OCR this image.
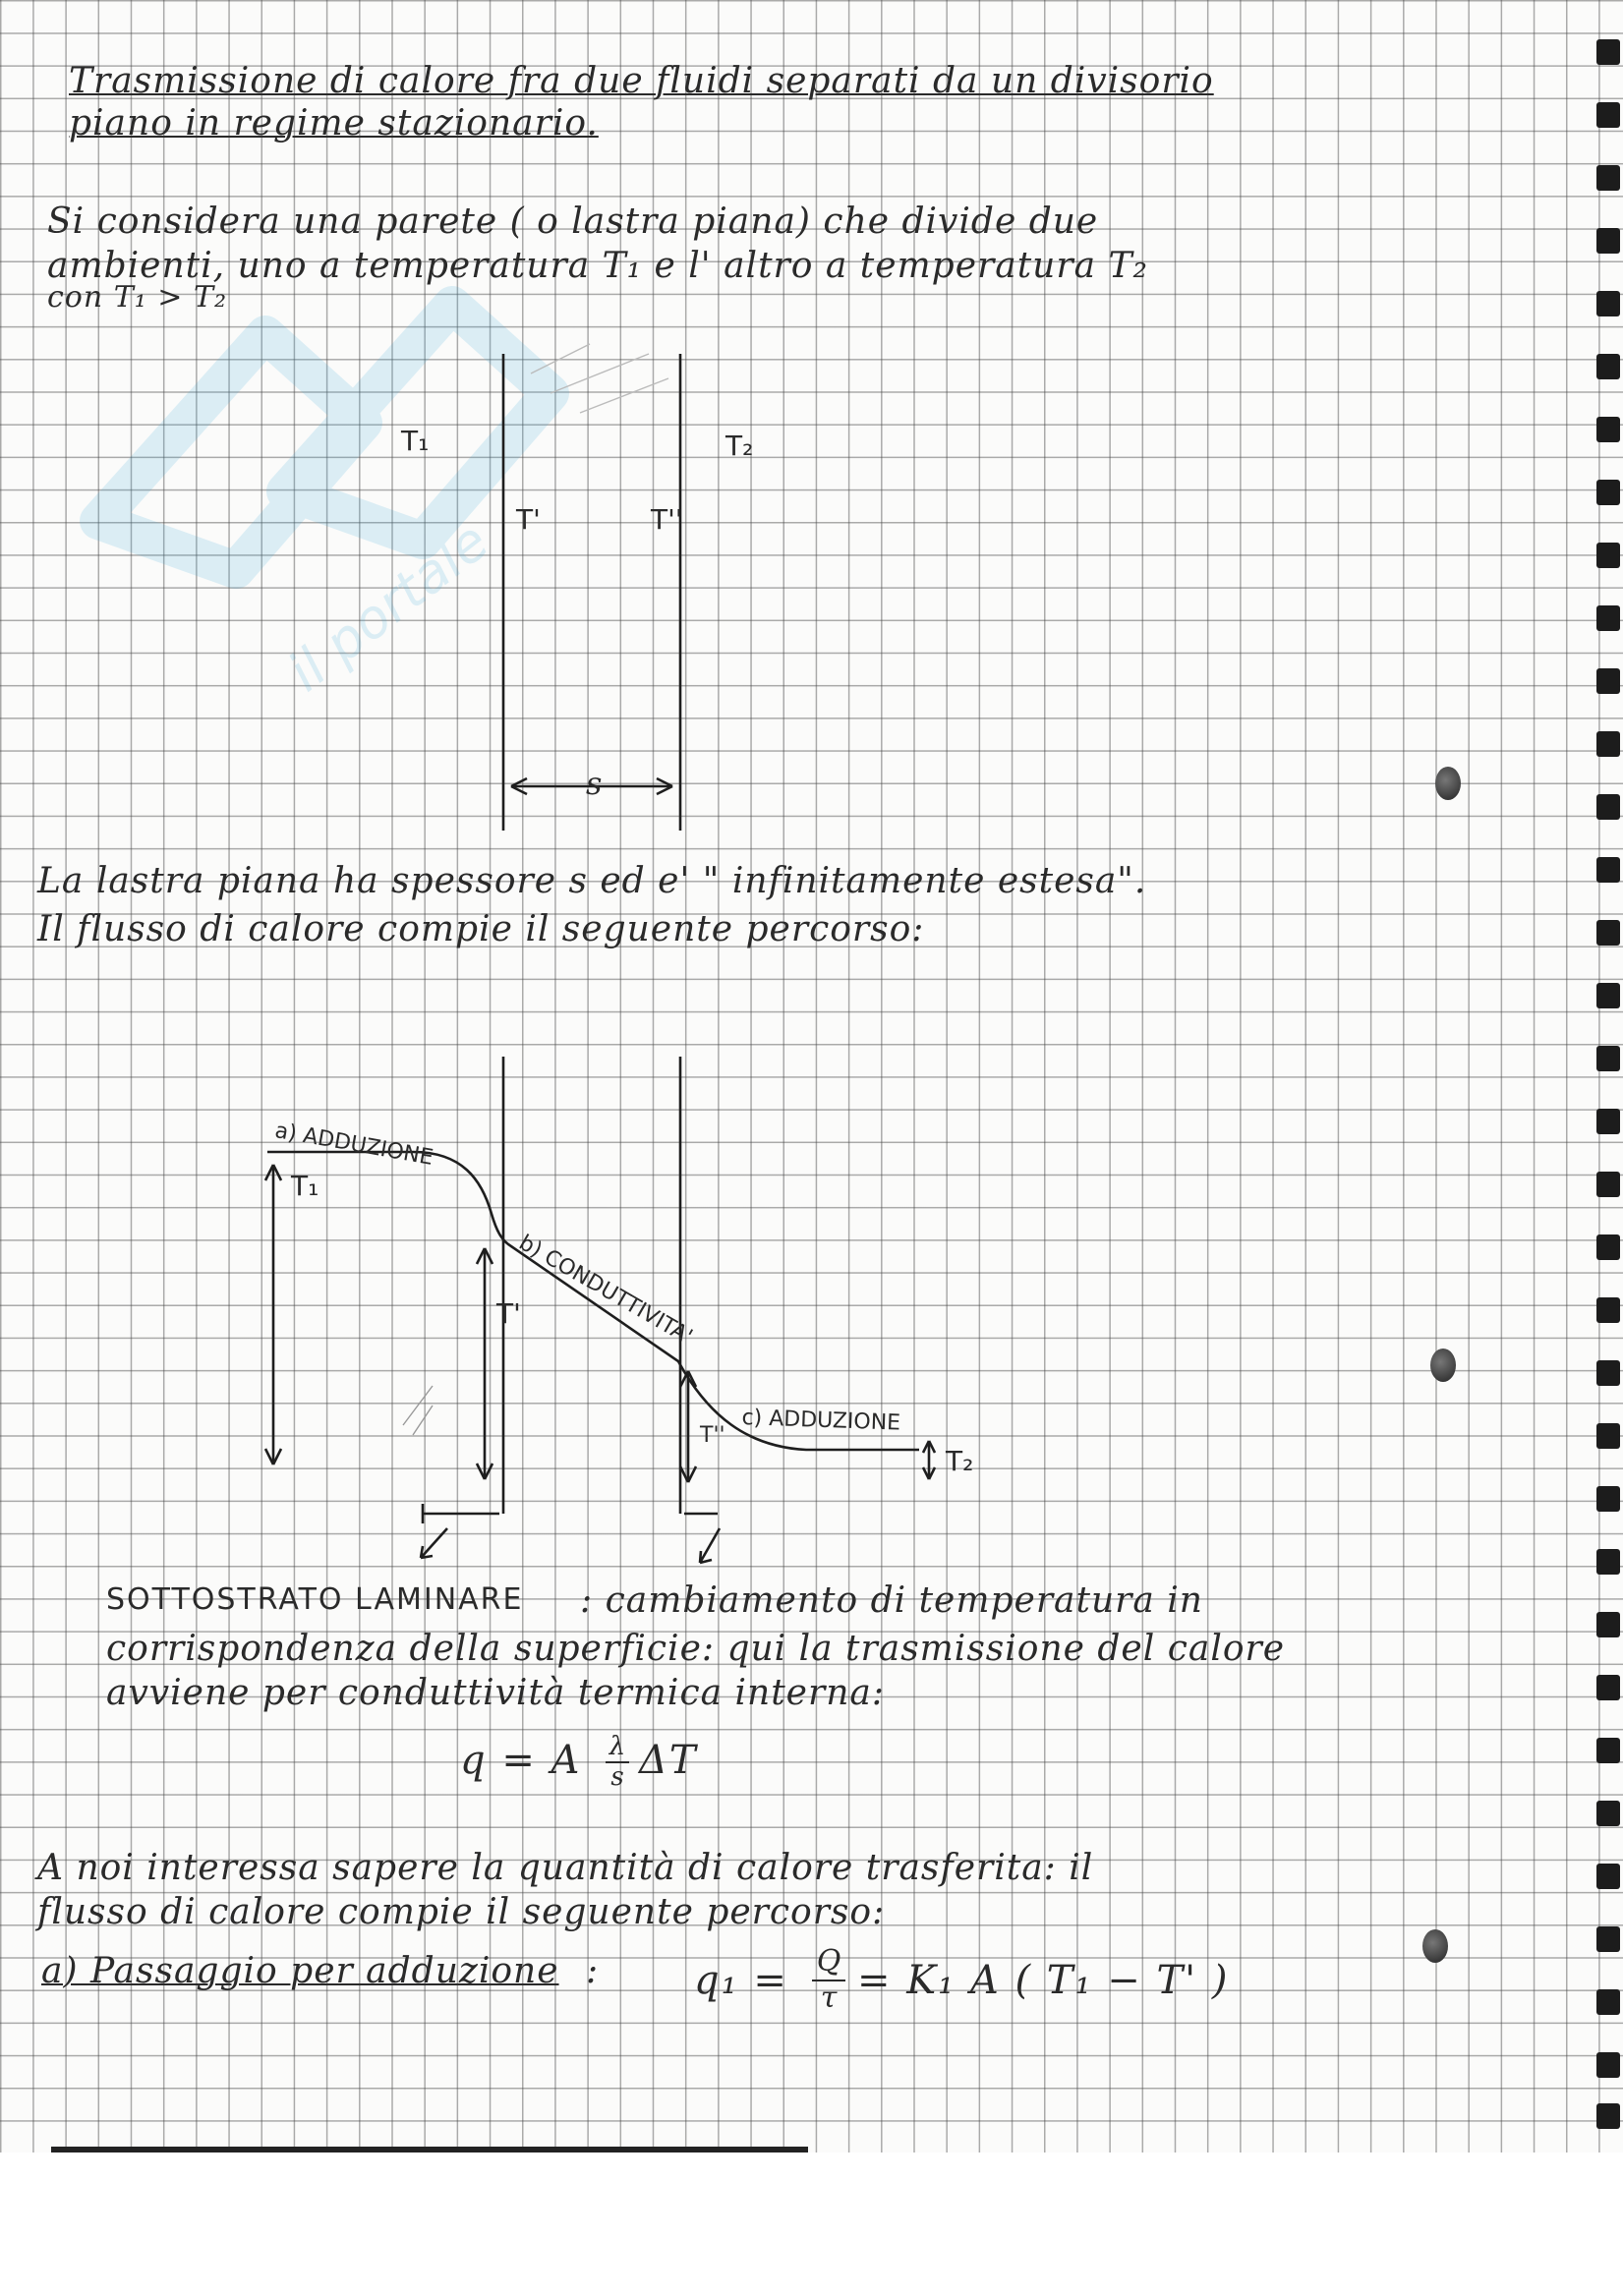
il portale
Trasmissione di calore fra due fluidi separati da un divisorio
piano in regime stazionario.
Si considera una parete ( o lastra piana) che divide due
ambienti, uno a temperatura T₁ e l' altro a temperatura T₂
con T₁ > T₂
T₁	T₂
T'	T''
s
La lastra piana ha spessore s ed e' " infinitamente estesa".
Il flusso di calore compie il seguente percorso:
a) ADDUZIONE
b) CONDUTTIVITA'
c) ADDUZIONE
T₁
T₂
T'
T''
SOTTOSTRATO LAMINARE : cambiamento di temperatura in
corrispondenza della superficie: qui la trasmissione del calore
avviene per conduttività termica interna:
q = A $\frac{\lambda}{s}$ ΔT
A noi interessa sapere la quantità di calore trasferita: il
flusso di calore compie il seguente percorso:
a) Passaggio per adduzione : $q_1 = \frac{Q}{\tau} = K_1$ A ( T₁ − T' )
